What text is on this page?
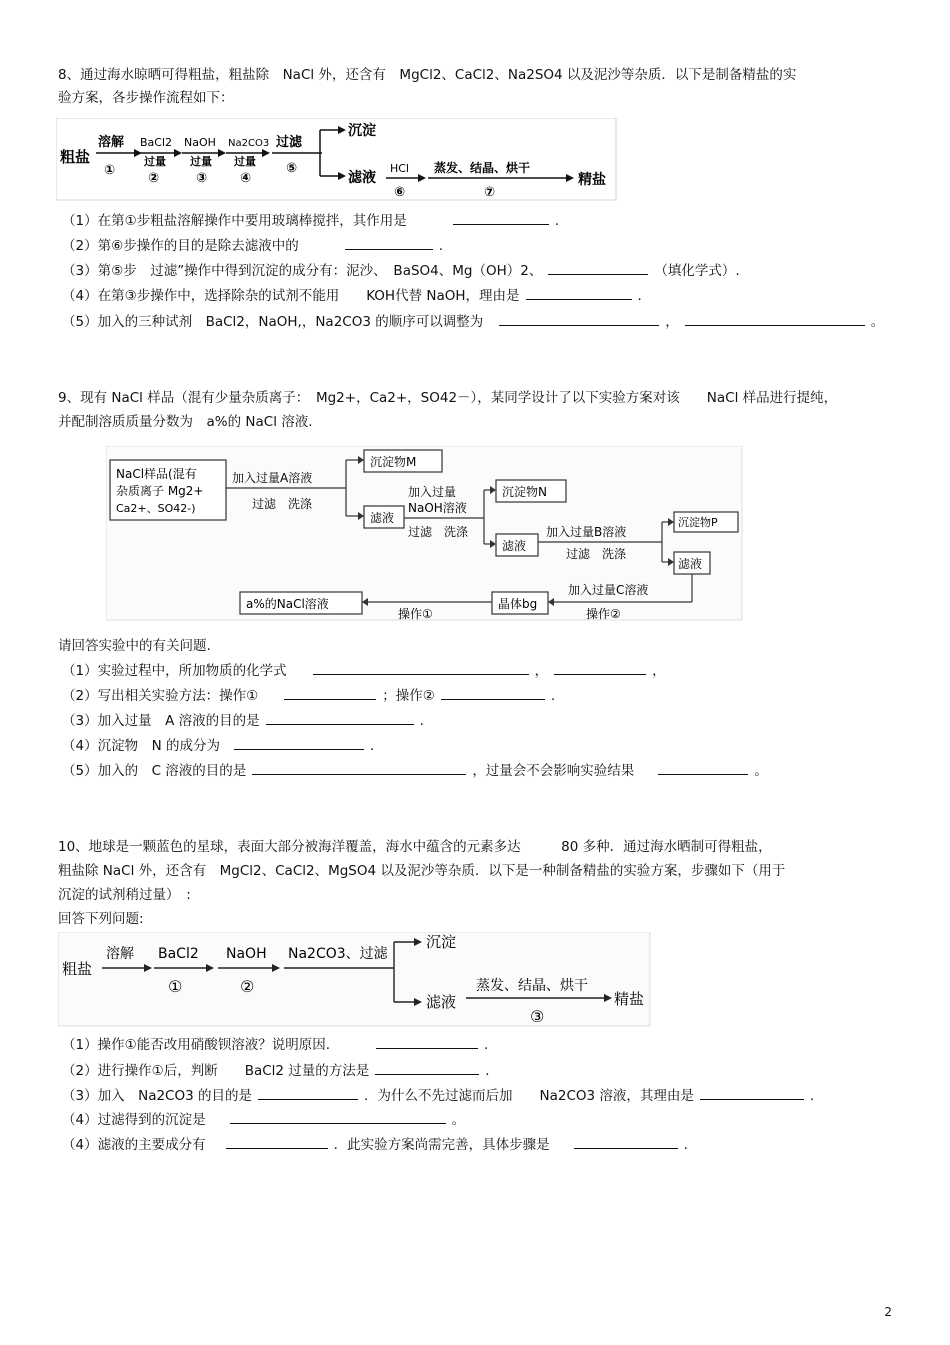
8、通过海水晾晒可得粗盐，粗盐除　NaCl 外，还含有　MgCl2、CaCl2、Na2SO4 以及泥沙等杂质．以下是制备精盐的实
验方案，各步操作流程如下：
粗盐
溶解
①
BaCl2
过量
②
NaOH
过量
③
Na2CO3
过量
④
过滤
⑤
沉淀
滤液
HCl
⑥
蒸发、结晶、烘干
⑦
精盐
（1）在第①步粗盐溶解操作中要用玻璃棒搅拌，其作用是	.
（2）第⑥步操作的目的是除去滤液中的	.
（3）第⑤步　过滤”操作中得到沉淀的成分有：泥沙、　BaSO4、Mg（OH）2、	（填化学式）.
（4）在第③步操作中，选择除杂的试剂不能用　　KOH代替 NaOH，理由是	.
（5）加入的三种试剂　BaCl2，NaOH,，Na2CO3 的顺序可以调整为	，	。
9、现有 NaCl 样品（混有少量杂质离子：　Mg2+，Ca2+，SO42－），某同学设计了以下实验方案对该　　NaCl 样品进行提纯，
并配制溶质质量分数为　a%的 NaCl 溶液.
NaCl样品(混有
杂质离子 Mg2+
Ca2+、SO42-)
加入过量A溶液
过滤　洗涤
沉淀物M
滤液
加入过量
NaOH溶液
过滤　洗涤
沉淀物N
滤液
加入过量B溶液
过滤　洗涤
沉淀物P
滤液
加入过量C溶液
操作②
晶体bg
操作①
a%的NaCl溶液
请回答实验中的有关问题.
（1）实验过程中，所加物质的化学式	，	，
（2）写出相关实验方法：操作①	；操作②	.
（3）加入过量　A 溶液的目的是	.
（4）沉淀物　N 的成分为	.
（5）加入的　C 溶液的目的是	，过量会不会影响实验结果	。
10、地球是一颗蓝色的星球，表面大部分被海洋覆盖，海水中蕴含的元素多达　　　80 多种．通过海水晒制可得粗盐，
粗盐除 NaCl 外，还含有　MgCl2、CaCl2、MgSO4 以及泥沙等杂质．以下是一种制备精盐的实验方案，步骤如下（用于
沉淀的试剂稍过量）　:
回答下列问题:
粗盐
溶解 BaCl2
①
NaOH
②
Na2CO3、过滤
沉淀
滤液
蒸发、结晶、烘干
③
精盐
（1）操作①能否改用硝酸钡溶液？说明原因.	.
（2）进行操作①后，判断　　BaCl2 过量的方法是	.
（3）加入　Na2CO3 的目的是	．为什么不先过滤而后加　　Na2CO3 溶液，其理由是	.
（4）过滤得到的沉淀是	。
（4）滤液的主要成分有	．此实验方案尚需完善，具体步骤是	.
2
